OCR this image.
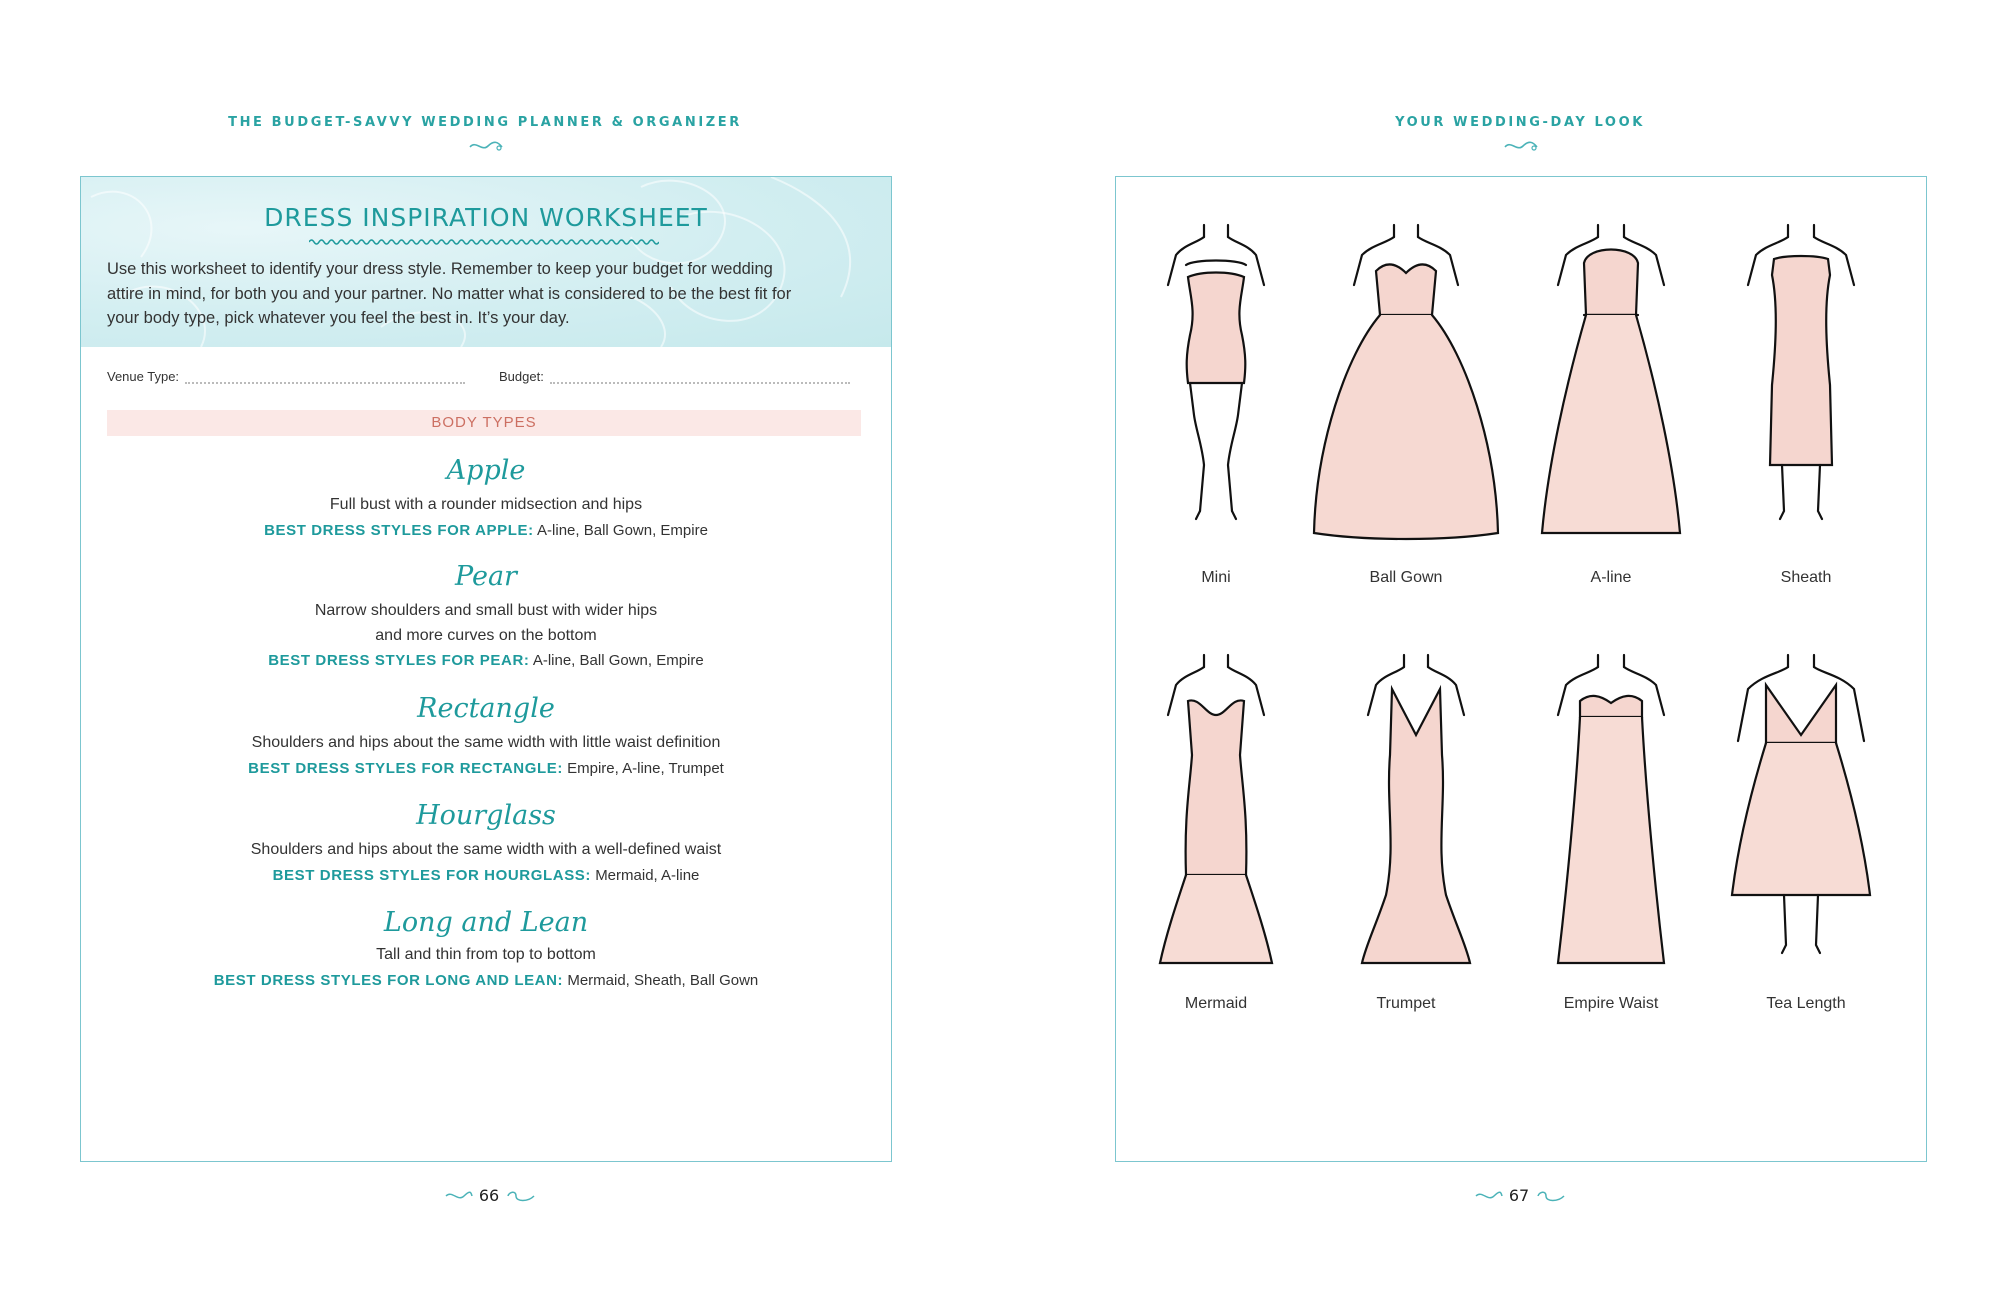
THE BUDGET-SAVVY WEDDING PLANNER & ORGANIZER
DRESS INSPIRATION WORKSHEET
Use this worksheet to identify your dress style. Remember to keep your budget for wedding
attire in mind, for both you and your partner. No matter what is considered to be the best fit for
your body type, pick whatever you feel the best in. It’s your day.
Venue Type:	Budget:
BODY TYPES
Apple
Full bust with a rounder midsection and hips
BEST DRESS STYLES FOR APPLE: A-line, Ball Gown, Empire
Pear
Narrow shoulders and small bust with wider hips
and more curves on the bottom
BEST DRESS STYLES FOR PEAR: A-line, Ball Gown, Empire
Rectangle
Shoulders and hips about the same width with little waist definition
BEST DRESS STYLES FOR RECTANGLE: Empire, A-line, Trumpet
Hourglass
Shoulders and hips about the same width with a well-defined waist
BEST DRESS STYLES FOR HOURGLASS: Mermaid, A-line
Long and Lean
Tall and thin from top to bottom
BEST DRESS STYLES FOR LONG AND LEAN: Mermaid, Sheath, Ball Gown
66
YOUR WEDDING-DAY LOOK
Mini	Ball Gown	A-line	Sheath
Mermaid	Trumpet	Empire Waist	Tea Length
67
